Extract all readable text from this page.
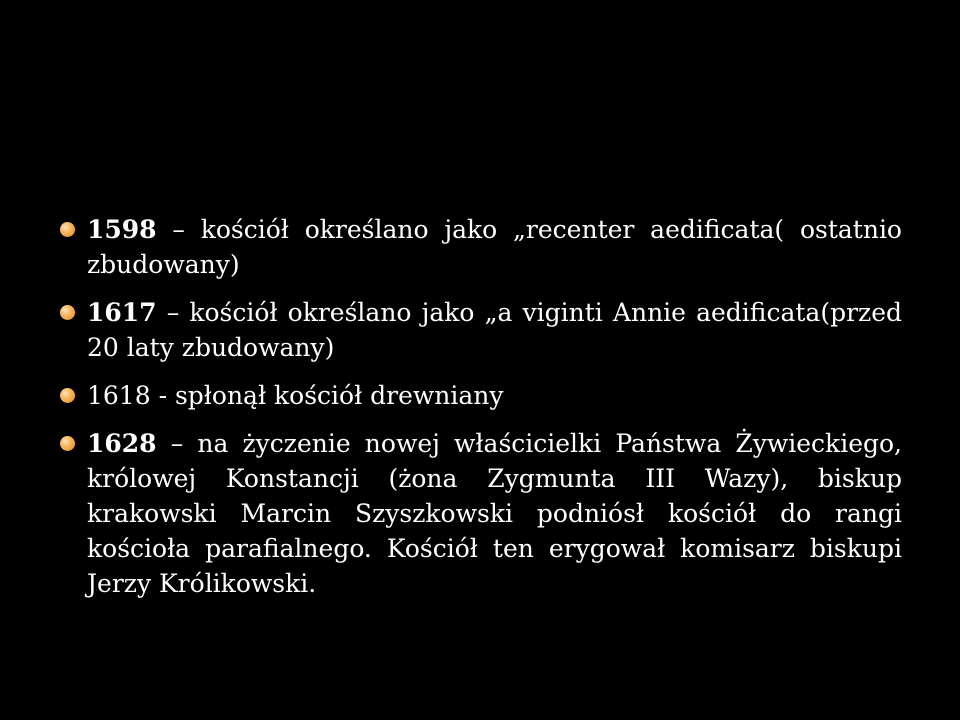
1598 – kościół określano jako „recenter aedificata( ostatnio zbudowany)
1617 – kościół określano jako „a viginti Annie aedificata(przed 20 laty zbudowany)
1618 - spłonął kościół drewniany
1628 – na życzenie nowej właścicielki Państwa Żywieckiego, królowej Konstancji (żona Zygmunta III Wazy), biskup krakowski Marcin Szyszkowski podniósł kościół do rangi kościoła parafialnego. Kościół ten erygował komisarz biskupi Jerzy Królikowski.
